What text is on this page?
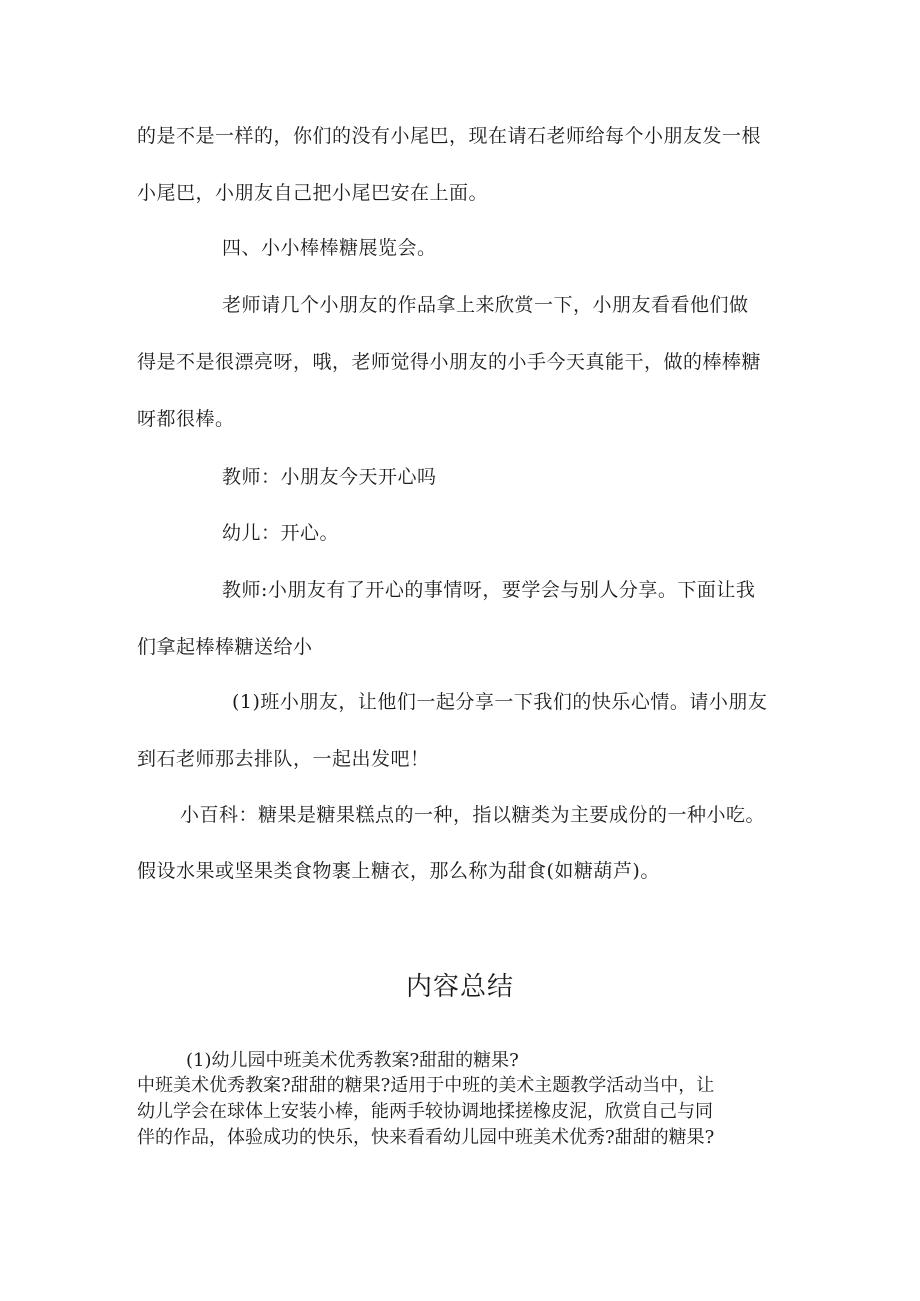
的是不是一样的，你们的没有小尾巴，现在请石老师给每个小朋友发一根
小尾巴，小朋友自己把小尾巴安在上面。
四、小小棒棒糖展览会。
老师请几个小朋友的作品拿上来欣赏一下，小朋友看看他们做
得是不是很漂亮呀，哦，老师觉得小朋友的小手今天真能干，做的棒棒糖
呀都很棒。
教师：小朋友今天开心吗
幼儿：开心。
教师:小朋友有了开心的事情呀，要学会与别人分享。下面让我
们拿起棒棒糖送给小
(1)班小朋友，让他们一起分享一下我们的快乐心情。请小朋友
到石老师那去排队，一起出发吧！
小百科：糖果是糖果糕点的一种，指以糖类为主要成份的一种小吃。
假设水果或坚果类食物裹上糖衣，那么称为甜食(如糖葫芦)。
内容总结
(1)幼儿园中班美术优秀教案?甜甜的糖果?
中班美术优秀教案?甜甜的糖果?适用于中班的美术主题教学活动当中，让
幼儿学会在球体上安装小棒，能两手较协调地揉搓橡皮泥，欣赏自己与同
伴的作品，体验成功的快乐，快来看看幼儿园中班美术优秀?甜甜的糖果?
